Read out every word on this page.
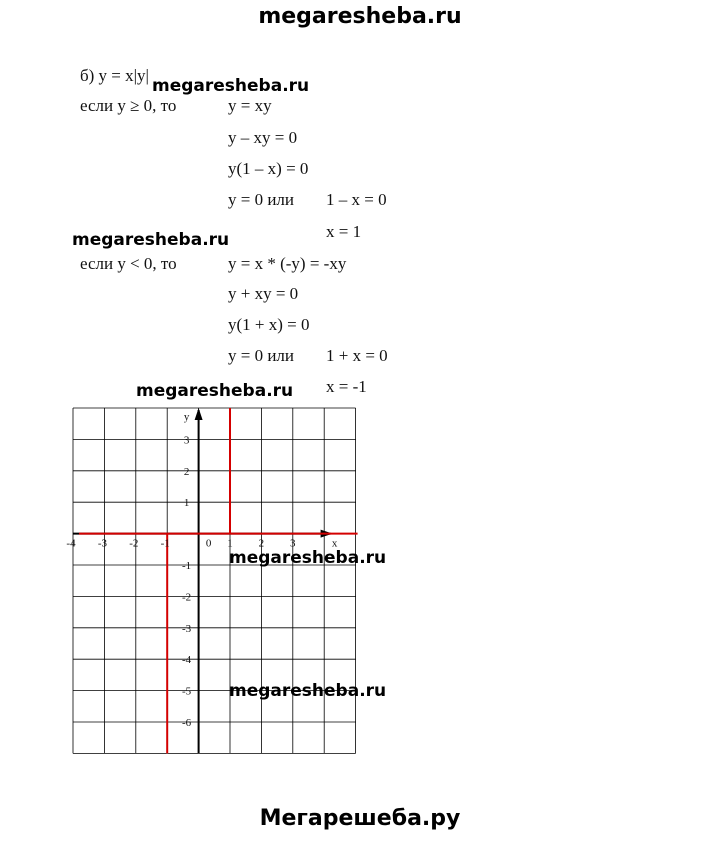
megaresheba.ru
Мегарешеба.ру
б) y = x|y|
megaresheba.ru
если y ≥ 0, то	y = xy
y – xy = 0
y(1 – x) = 0
y = 0 или 1 – x = 0
x = 1
megaresheba.ru
если y < 0, то	y = x * (-y) = -xy
y + xy = 0
y(1 + x) = 0
y = 0 или 1 + x = 0
x = -1
megaresheba.ru
-4 -3 -2 -1	1 2 3
3
2
1
-1
-2
-3
-4
-5
-6
0	x
y
megaresheba.ru
megaresheba.ru
